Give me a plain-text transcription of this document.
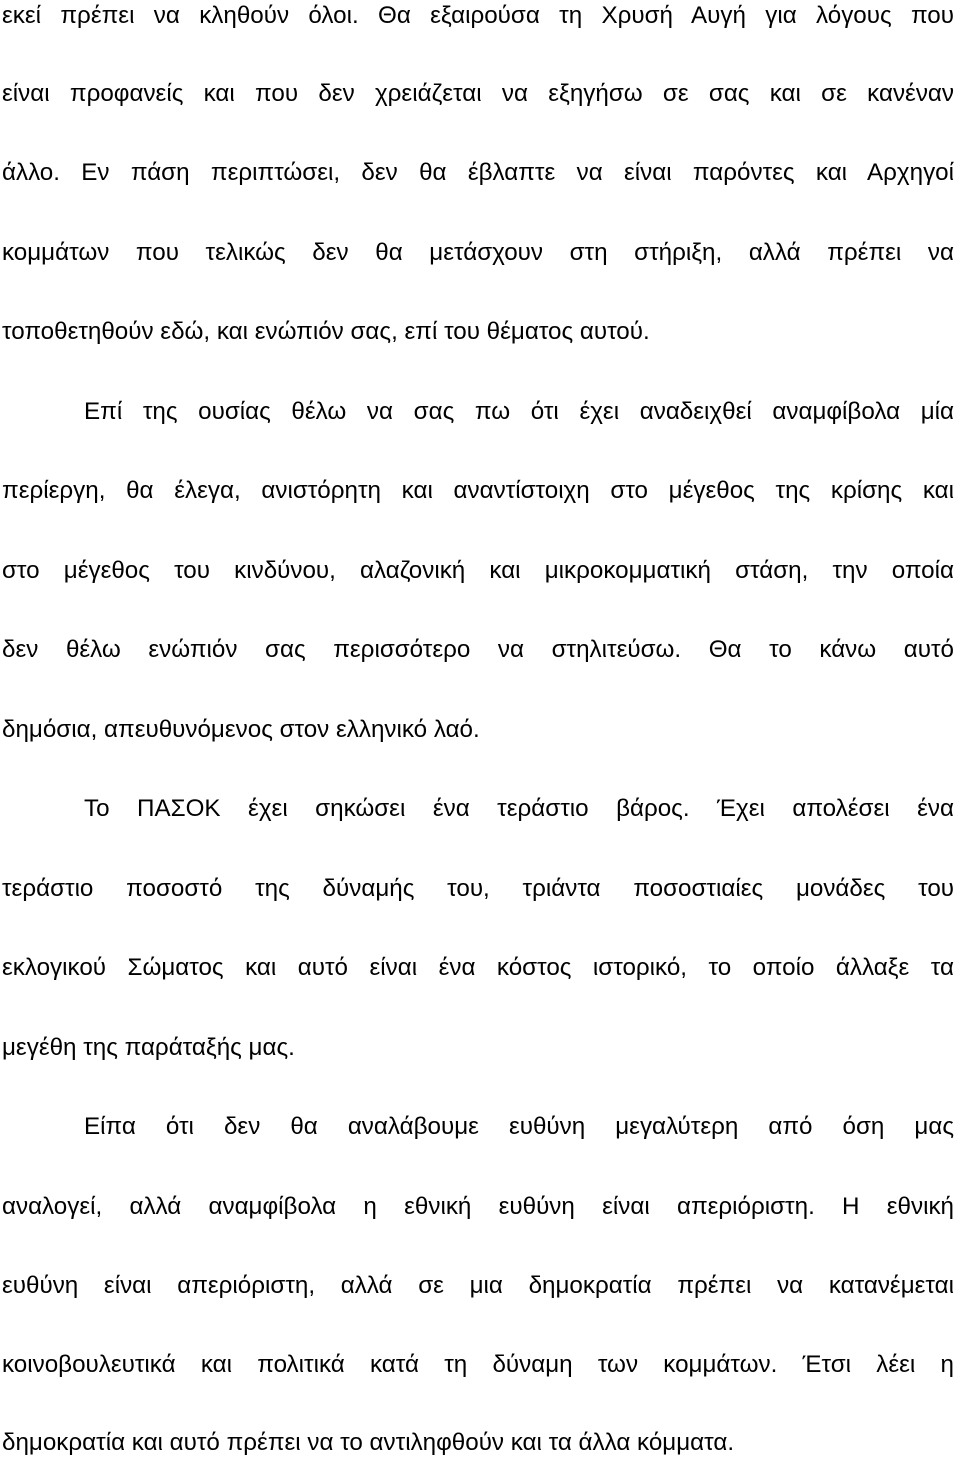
εκεί πρέπει να κληθούν όλοι. Θα εξαιρούσα τη Χρυσή Αυγή για λόγους που
είναι προφανείς και που δεν χρειάζεται να εξηγήσω σε σας και σε κανέναν
άλλο. Εν πάση περιπτώσει, δεν θα έβλαπτε να είναι παρόντες και Αρχηγοί
κομμάτων που τελικώς δεν θα μετάσχουν στη στήριξη, αλλά πρέπει να
τοποθετηθούν εδώ, και ενώπιόν σας, επί του θέματος αυτού.
Επί της ουσίας θέλω να σας πω ότι έχει αναδειχθεί αναμφίβολα μία
περίεργη, θα έλεγα, ανιστόρητη και αναντίστοιχη στο μέγεθος της κρίσης και
στο μέγεθος του κινδύνου, αλαζονική και μικροκομματική στάση, την οποία
δεν θέλω ενώπιόν σας περισσότερο να στηλιτεύσω. Θα το κάνω αυτό
δημόσια, απευθυνόμενος στον ελληνικό λαό.
Το ΠΑΣΟΚ έχει σηκώσει ένα τεράστιο βάρος. Έχει απολέσει ένα
τεράστιο ποσοστό της δύναμής του, τριάντα ποσοστιαίες μονάδες του
εκλογικού Σώματος και αυτό είναι ένα κόστος ιστορικό, το οποίο άλλαξε τα
μεγέθη της παράταξής μας.
Είπα ότι δεν θα αναλάβουμε ευθύνη μεγαλύτερη από όση μας
αναλογεί, αλλά αναμφίβολα η εθνική ευθύνη είναι απεριόριστη. Η εθνική
ευθύνη είναι απεριόριστη, αλλά σε μια δημοκρατία πρέπει να κατανέμεται
κοινοβουλευτικά και πολιτικά κατά τη δύναμη των κομμάτων. Έτσι λέει η
δημοκρατία και αυτό πρέπει να το αντιληφθούν και τα άλλα κόμματα.
